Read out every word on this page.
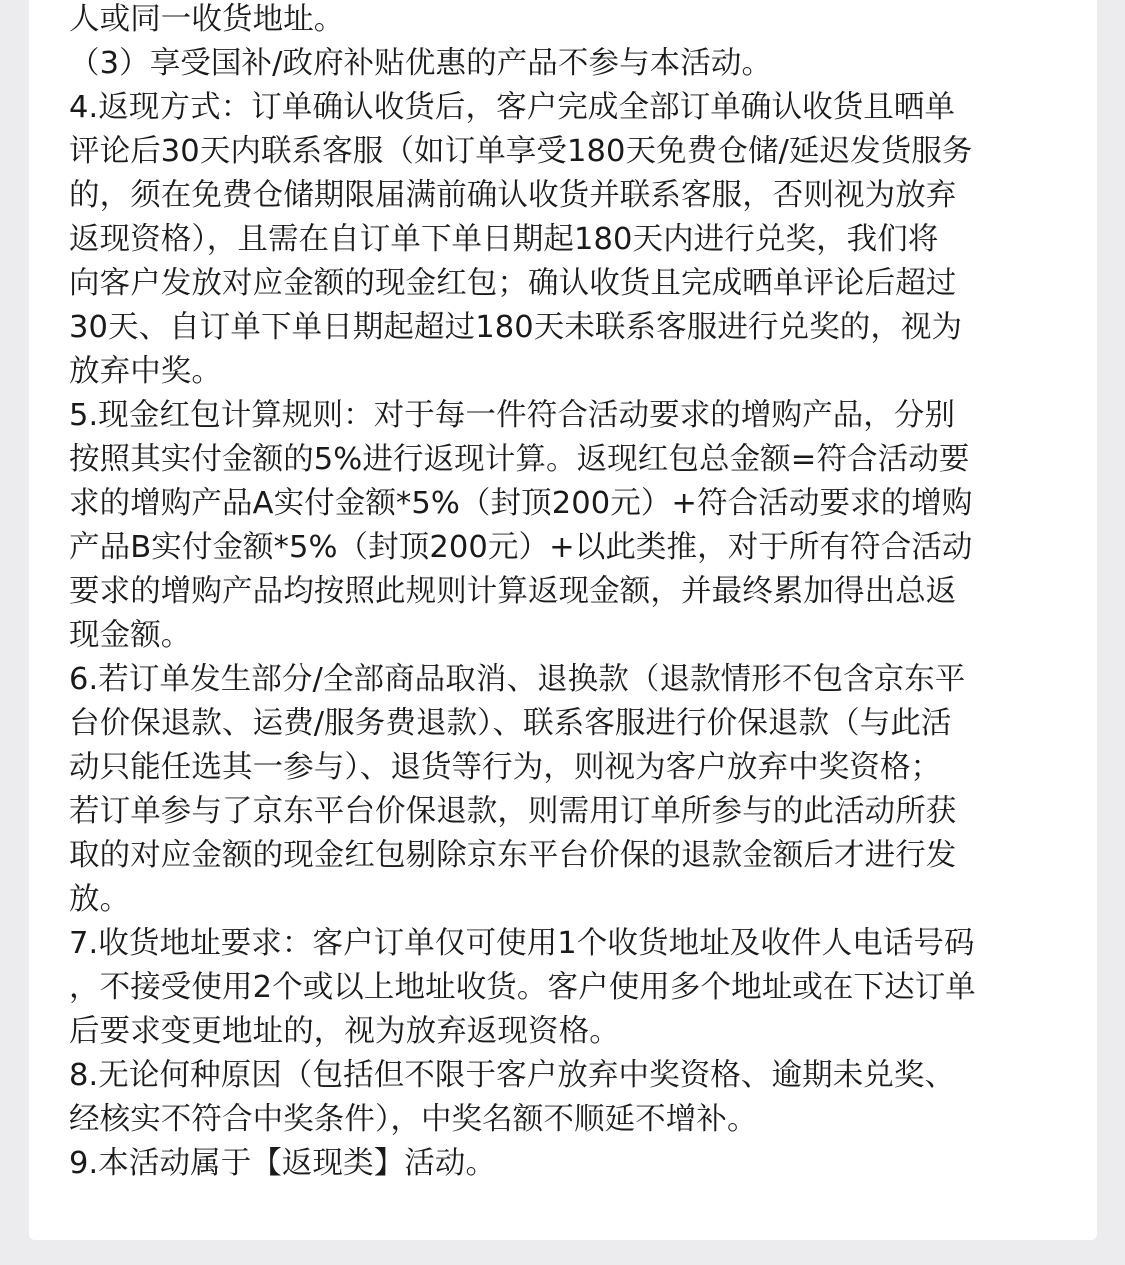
人或同一收货地址。
（3）享受国补/政府补贴优惠的产品不参与本活动。
4.返现方式：订单确认收货后，客户完成全部订单确认收货且晒单
评论后30天内联系客服（如订单享受180天免费仓储/延迟发货服务
的，须在免费仓储期限届满前确认收货并联系客服，否则视为放弃
返现资格），且需在自订单下单日期起180天内进行兑奖，我们将
向客户发放对应金额的现金红包；确认收货且完成晒单评论后超过
30天、自订单下单日期起超过180天未联系客服进行兑奖的，视为
放弃中奖。
5.现金红包计算规则：对于每一件符合活动要求的增购产品，分别
按照其实付金额的5%进行返现计算。返现红包总金额=符合活动要
求的增购产品A实付金额*5%（封顶200元）+符合活动要求的增购
产品B实付金额*5%（封顶200元）+以此类推，对于所有符合活动
要求的增购产品均按照此规则计算返现金额，并最终累加得出总返
现金额。
6.若订单发生部分/全部商品取消、退换款（退款情形不包含京东平
台价保退款、运费/服务费退款）、联系客服进行价保退款（与此活
动只能任选其一参与）、退货等行为，则视为客户放弃中奖资格；
若订单参与了京东平台价保退款，则需用订单所参与的此活动所获
取的对应金额的现金红包剔除京东平台价保的退款金额后才进行发
放。
7.收货地址要求：客户订单仅可使用1个收货地址及收件人电话号码
，不接受使用2个或以上地址收货。客户使用多个地址或在下达订单
后要求变更地址的，视为放弃返现资格。
8.无论何种原因（包括但不限于客户放弃中奖资格、逾期未兑奖、
经核实不符合中奖条件），中奖名额不顺延不增补。
9.本活动属于【返现类】活动。
